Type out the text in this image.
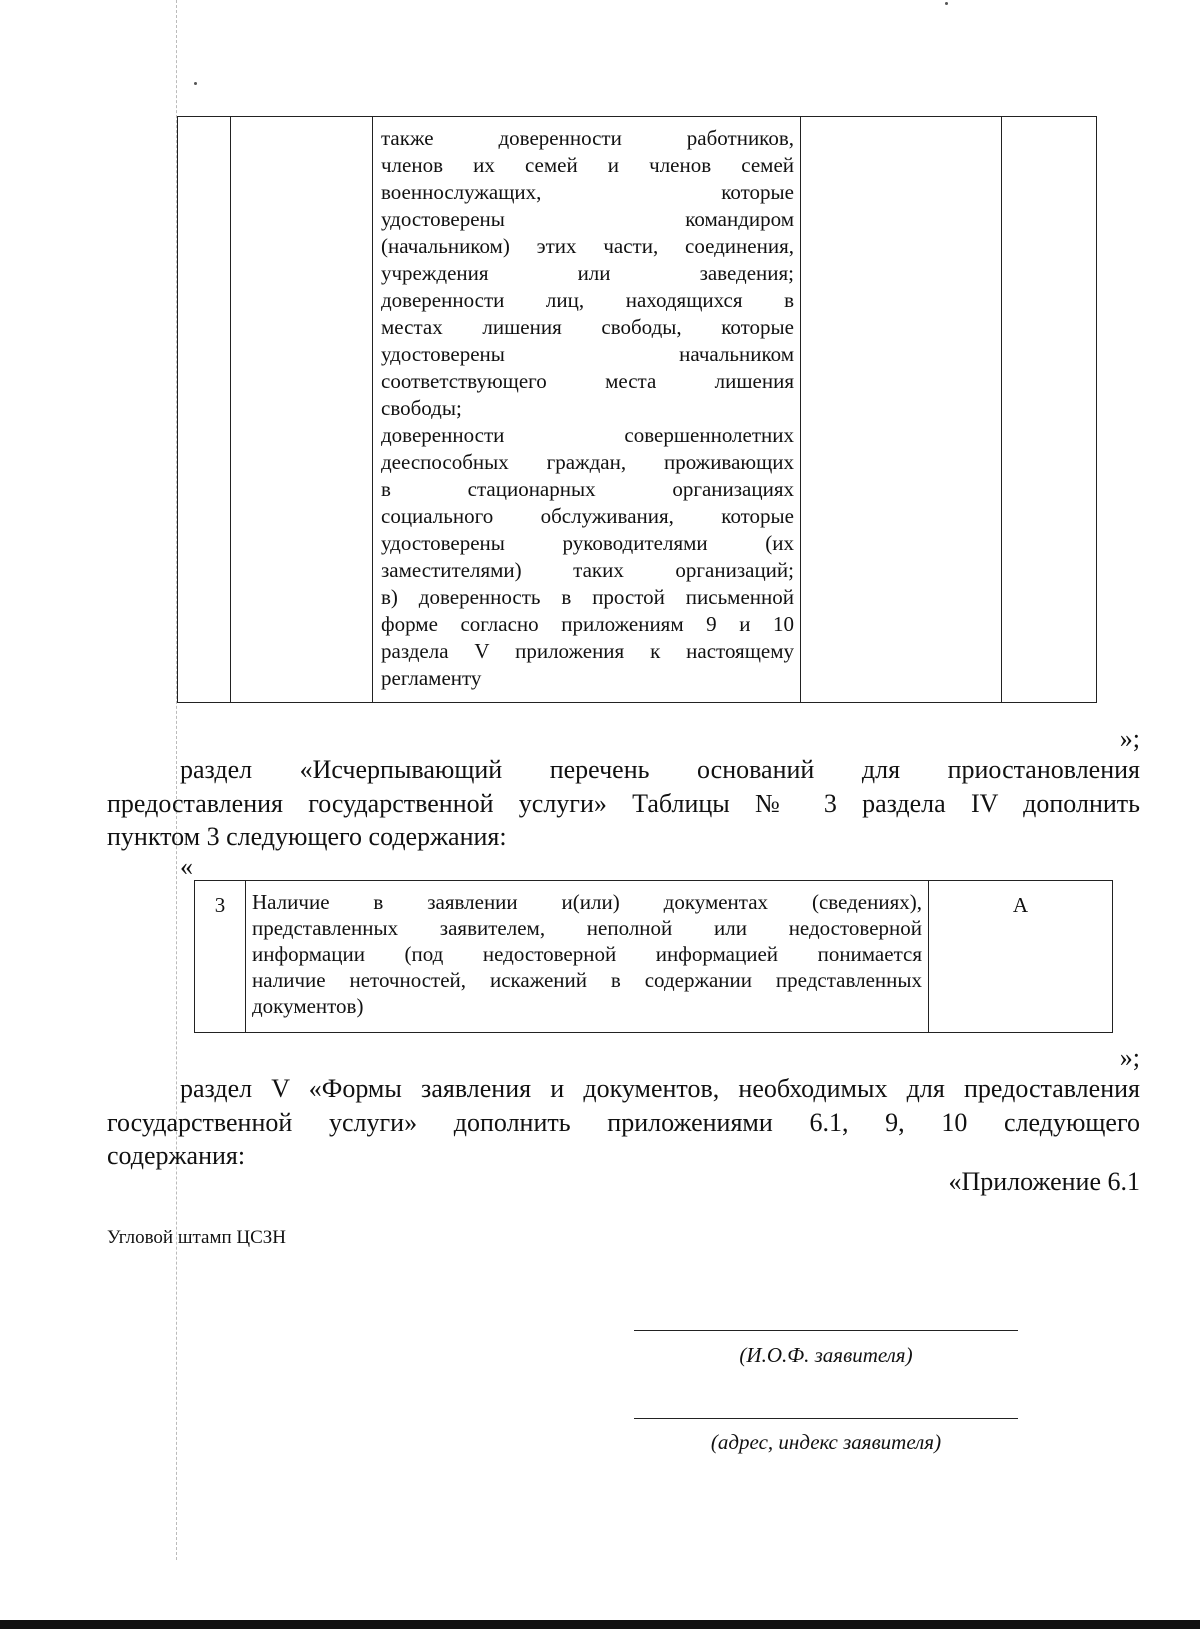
также доверенности работников,

членов их семей и членов семей

военнослужащих, которые

удостоверены командиром

(начальником) этих части, соединения,

учреждения или заведения;

доверенности лиц, находящихся в

местах лишения свободы, которые

удостоверены начальником

соответствующего места лишения

свободы;

доверенности совершеннолетних

дееспособных граждан, проживающих

в стационарных организациях

социального обслуживания, которые

удостоверены руководителями (их

заместителями) таких организаций;

в) доверенность в простой письменной

форме согласно приложениям 9 и 10

раздела V приложения к настоящему

регламенту

»;
раздел «Исчерпывающий перечень оснований для приостановления
предоставления государственной услуги» Таблицы № 3 раздела IV дополнить
пунктом 3 следующего содержания:
«
3	Наличие в заявлении и(или) документах (сведениях),

представленных заявителем, неполной или недостоверной

информации (под недостоверной информацией понимается

наличие неточностей, искажений в содержании представленных

документов)

	А
»;
раздел V «Формы заявления и документов, необходимых для предоставления
государственной услуги» дополнить приложениями 6.1, 9, 10 следующего
содержания:
«Приложение 6.1
Угловой штамп ЦСЗН
(И.О.Ф. заявителя)
(адрес, индекс заявителя)
